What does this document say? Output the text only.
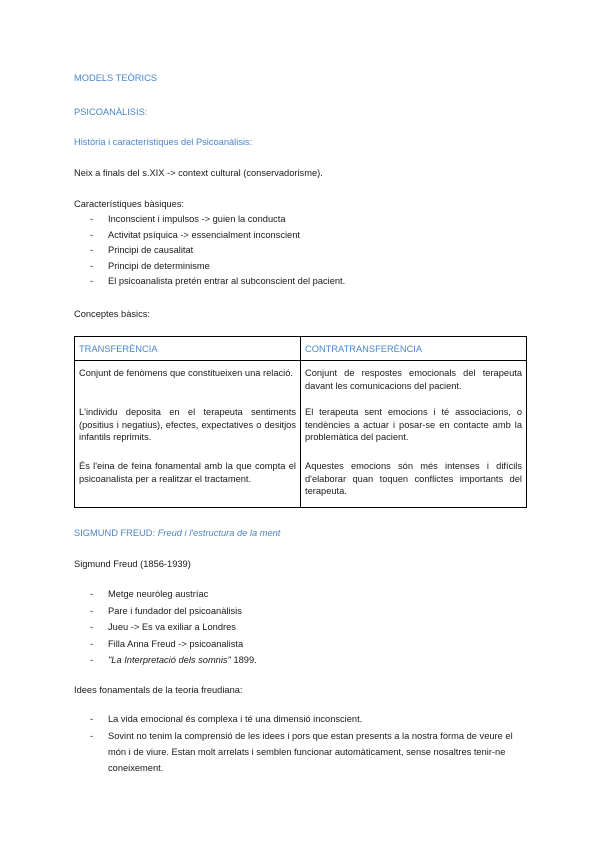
MODELS TEÒRICS

PSICOANÀLISIS:

Història i característiques del Psicoanàlisis:

Neix a finals del s.XIX -> context cultural (conservadorisme).

Característiques bàsiques:

- Inconscient i impulsos -> guien la conducta
- Activitat psíquica -> essencialment inconscient
- Principi de causalitat
- Principi de determinisme
- El psicoanalista pretén entrar al subconscient del pacient.

Conceptes bàsics:

TRANSFERÈNCIA	CONTRATRANSFERÈNCIA
Conjunt de fenòmens que constitueixen una relació.	Conjunt de respostes emocionals del terapeuta davant les comunicacions del pacient.
L'individu deposita en el terapeuta sentiments (positius i negatius), efectes, expectatives o desitjos infantils reprimits.	El terapeuta sent emocions i té associacions, o tendències a actuar i posar-se en contacte amb la problemàtica del pacient.
És l'eina de feina fonamental amb la que compta el psicoanalista per a realitzar el tractament.	Aquestes emocions són més intenses i difícils d'elaborar quan toquen conflictes importants del terapeuta.

SIGMUND FREUD: Freud i l'estructura de la ment

Sigmund Freud (1856-1939)

- Metge neuròleg austríac
- Pare i fundador del psicoanàlisis
- Jueu -> Es va exiliar a Londres
- Filla Anna Freud -> psicoanalista
- "La Interpretació dels somnis" 1899.

Idees fonamentals de la teoria freudiana:

- La vida emocional és complexa i té una dimensió inconscient.
- Sovint no tenim la comprensió de les idees i pors que estan presents a la nostra forma de veure el món i de viure. Estan molt arrelats i semblen funcionar automàticament, sense nosaltres tenir-ne coneixement.
